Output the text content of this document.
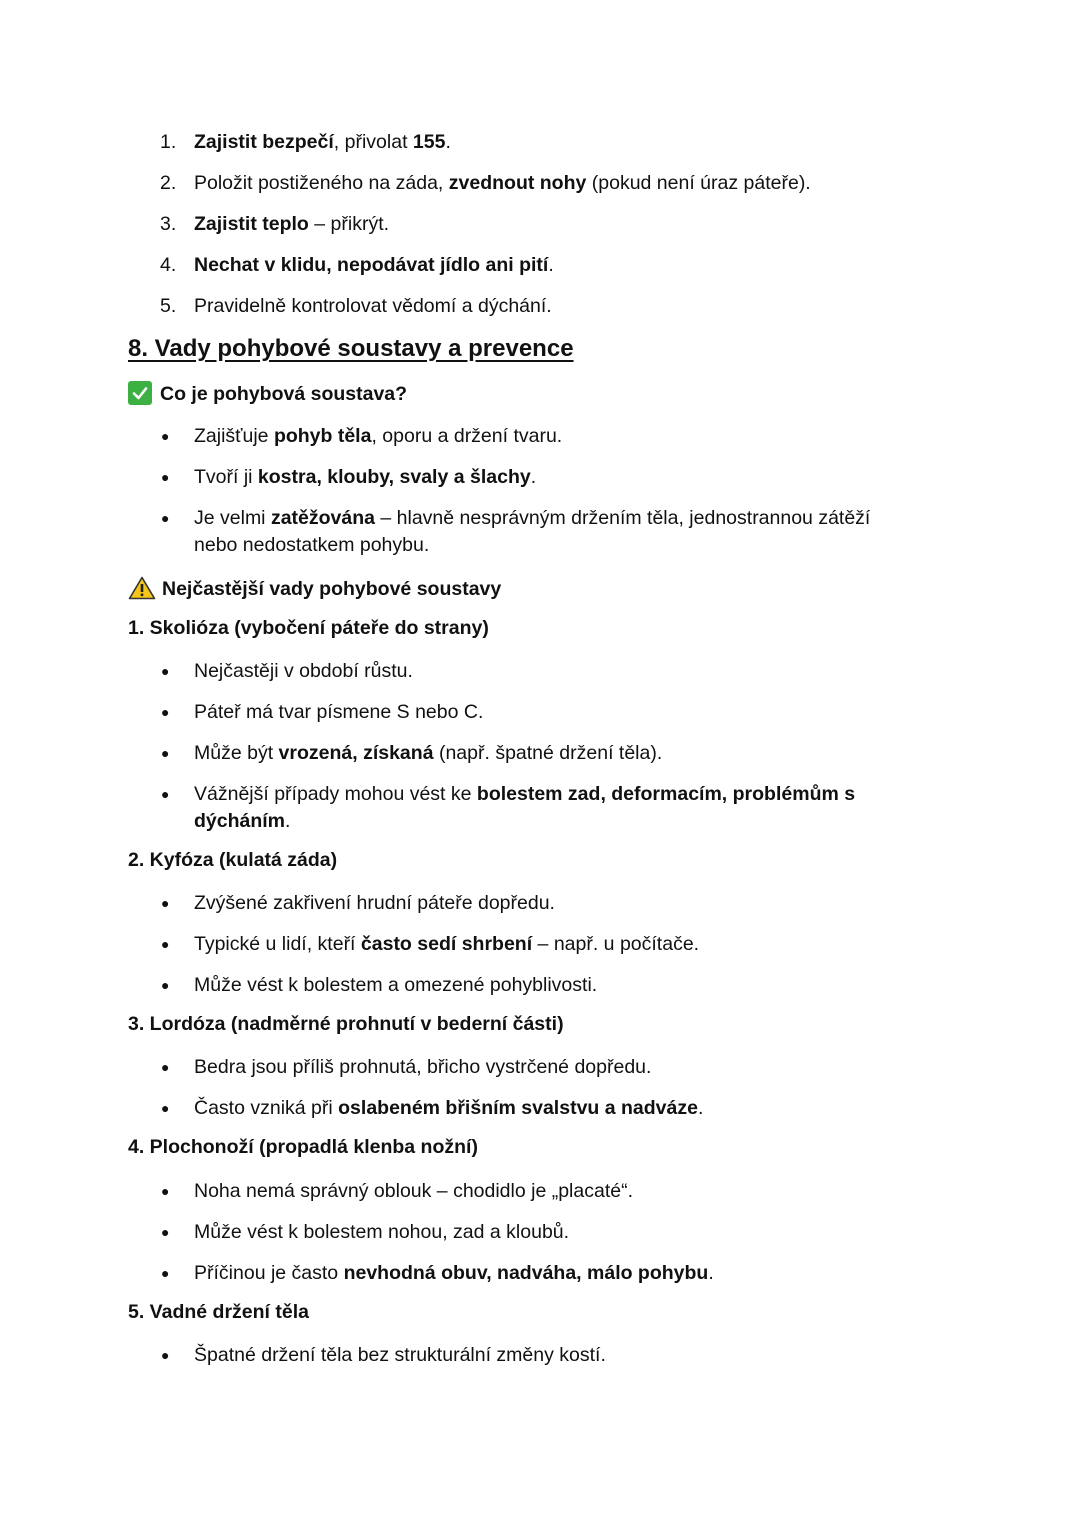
1. Zajistit bezpečí, přivolat 155.
2. Položit postiženého na záda, zvednout nohy (pokud není úraz páteře).
3. Zajistit teplo – přikrýt.
4. Nechat v klidu, nepodávat jídlo ani pití.
5. Pravidelně kontrolovat vědomí a dýchání.
8. Vady pohybové soustavy a prevence
Co je pohybová soustava?
● Zajišťuje pohyb těla, oporu a držení tvaru.
● Tvoří ji kostra, klouby, svaly a šlachy.
● Je velmi zatěžována – hlavně nesprávným držením těla, jednostrannou zátěží nebo nedostatkem pohybu.
Nejčastější vady pohybové soustavy
1. Skolióza (vybočení páteře do strany)
● Nejčastěji v období růstu.
● Páteř má tvar písmene S nebo C.
● Může být vrozená, získaná (např. špatné držení těla).
● Vážnější případy mohou vést ke bolestem zad, deformacím, problémům s dýcháním.
2. Kyfóza (kulatá záda)
● Zvýšené zakřivení hrudní páteře dopředu.
● Typické u lidí, kteří často sedí shrbení – např. u počítače.
● Může vést k bolestem a omezené pohyblivosti.
3. Lordóza (nadměrné prohnutí v bederní části)
● Bedra jsou příliš prohnutá, břicho vystrčené dopředu.
● Často vzniká při oslabeném břišním svalstvu a nadváze.
4. Plochonoží (propadlá klenba nožní)
● Noha nemá správný oblouk – chodidlo je „placaté“.
● Může vést k bolestem nohou, zad a kloubů.
● Příčinou je často nevhodná obuv, nadváha, málo pohybu.
5. Vadné držení těla
● Špatné držení těla bez strukturální změny kostí.
